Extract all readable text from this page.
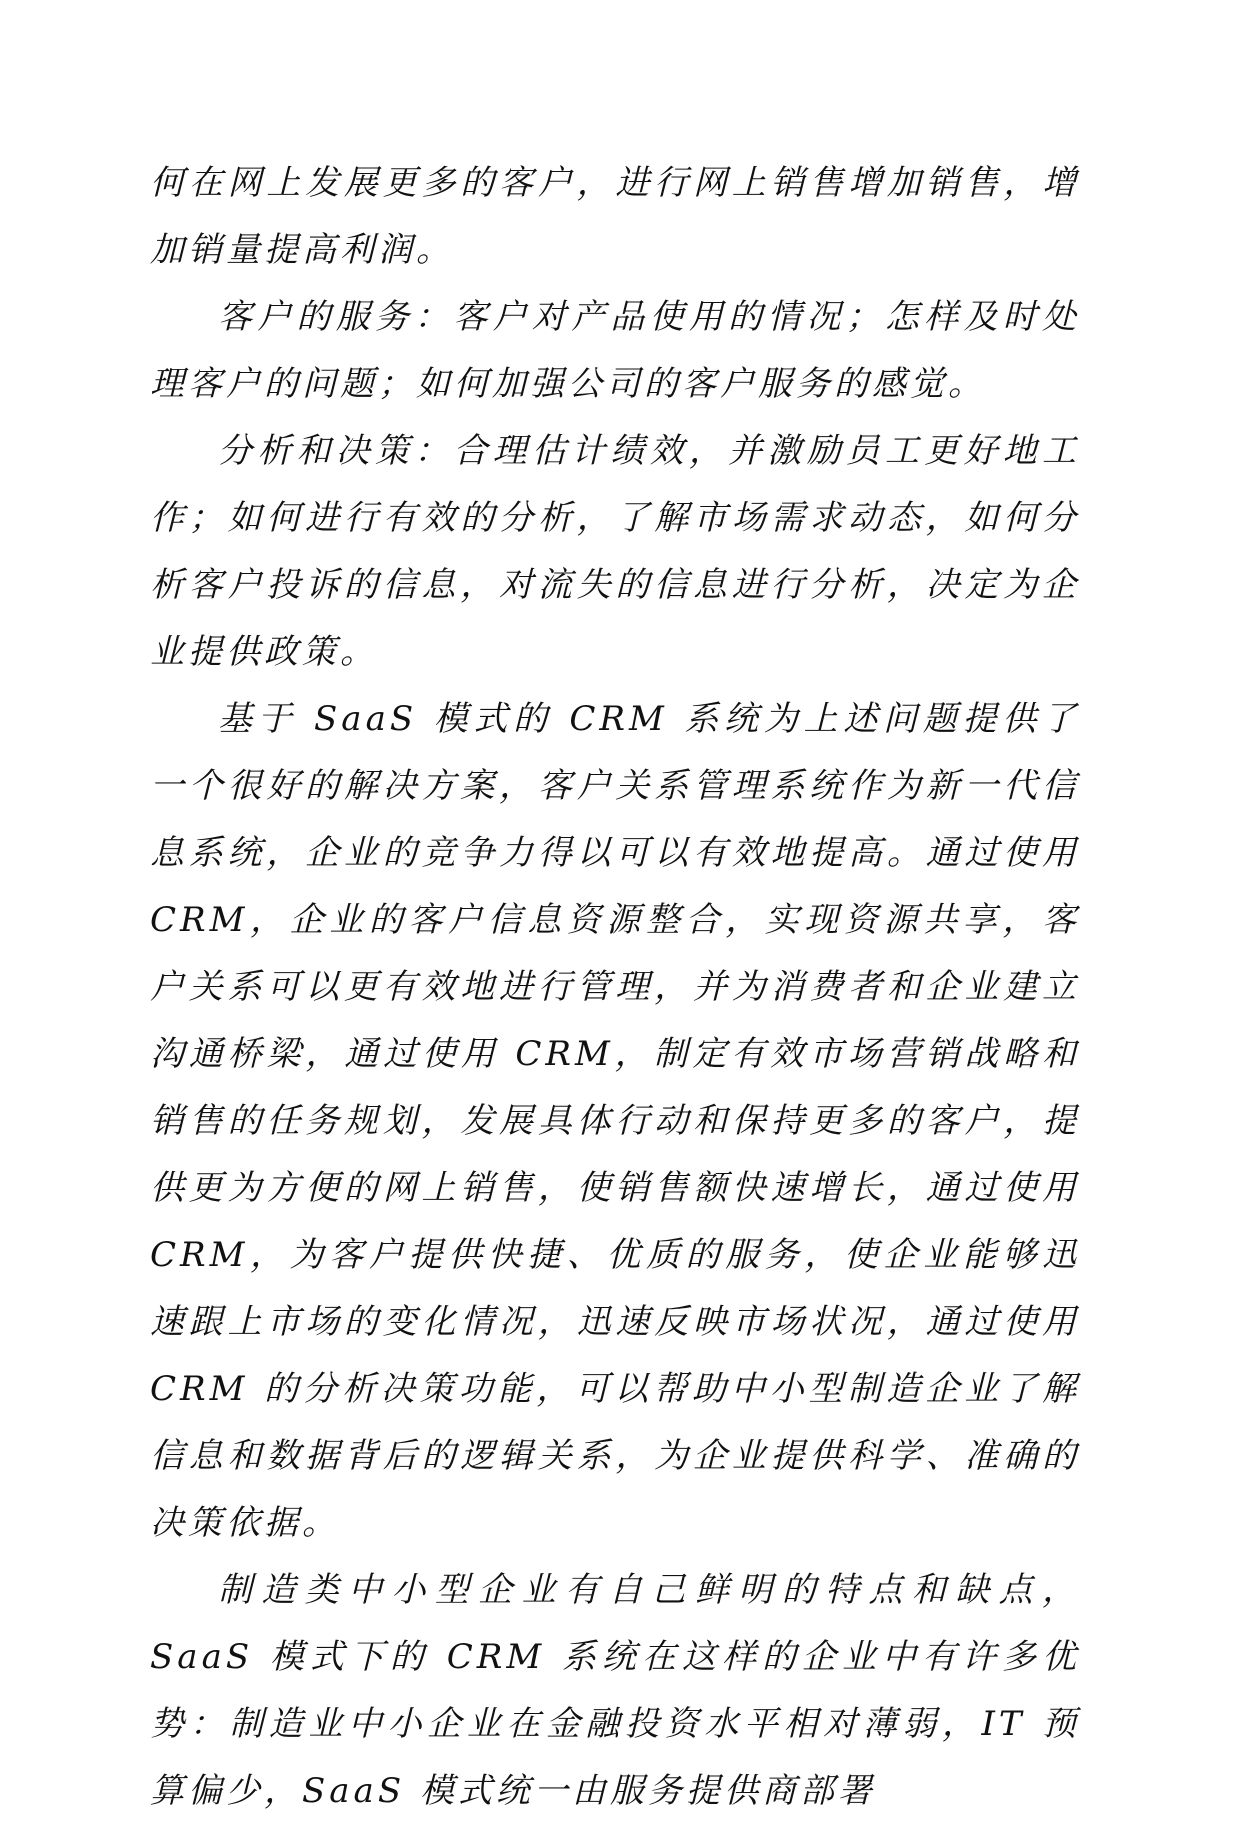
何在网上发展更多的客户，进行网上销售增加销售，增加销量提高利润。

客户的服务：客户对产品使用的情况；怎样及时处理客户的问题；如何加强公司的客户服务的感觉。

分析和决策：合理估计绩效，并激励员工更好地工作；如何进行有效的分析，了解市场需求动态，如何分析客户投诉的信息，对流失的信息进行分析，决定为企业提供政策。

基于 SaaS 模式的 CRM 系统为上述问题提供了一个很好的解决方案，客户关系管理系统作为新一代信息系统，企业的竞争力得以可以有效地提高。通过使用 CRM，企业的客户信息资源整合，实现资源共享，客户关系可以更有效地进行管理，并为消费者和企业建立沟通桥梁，通过使用 CRM，制定有效市场营销战略和销售的任务规划，发展具体行动和保持更多的客户，提供更为方便的网上销售，使销售额快速增长，通过使用 CRM，为客户提供快捷、优质的服务，使企业能够迅速跟上市场的变化情况，迅速反映市场状况，通过使用 CRM 的分析决策功能，可以帮助中小型制造企业了解信息和数据背后的逻辑关系，为企业提供科学、准确的决策依据。

制造类中小型企业有自己鲜明的特点和缺点，SaaS 模式下的 CRM 系统在这样的企业中有许多优势：制造业中小企业在金融投资水平相对薄弱，IT 预算偏少，SaaS 模式统一由服务提供商部署
